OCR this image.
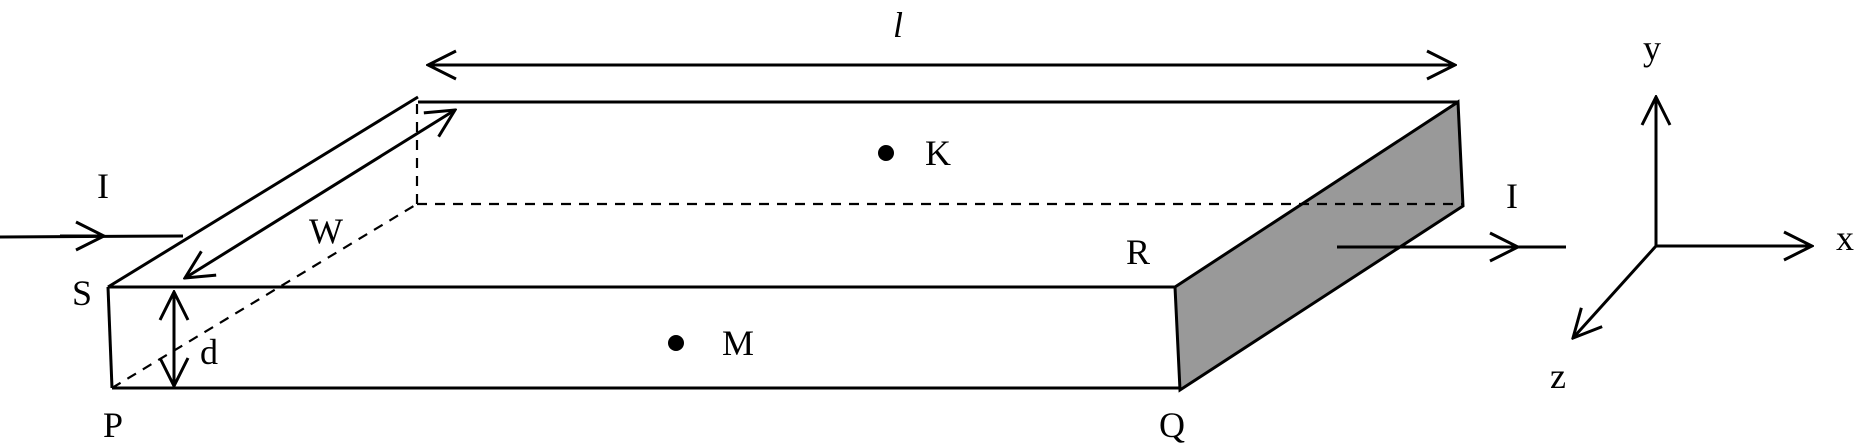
l
W
d
I	I
K
M
P	Q
R
S
x
y
z
